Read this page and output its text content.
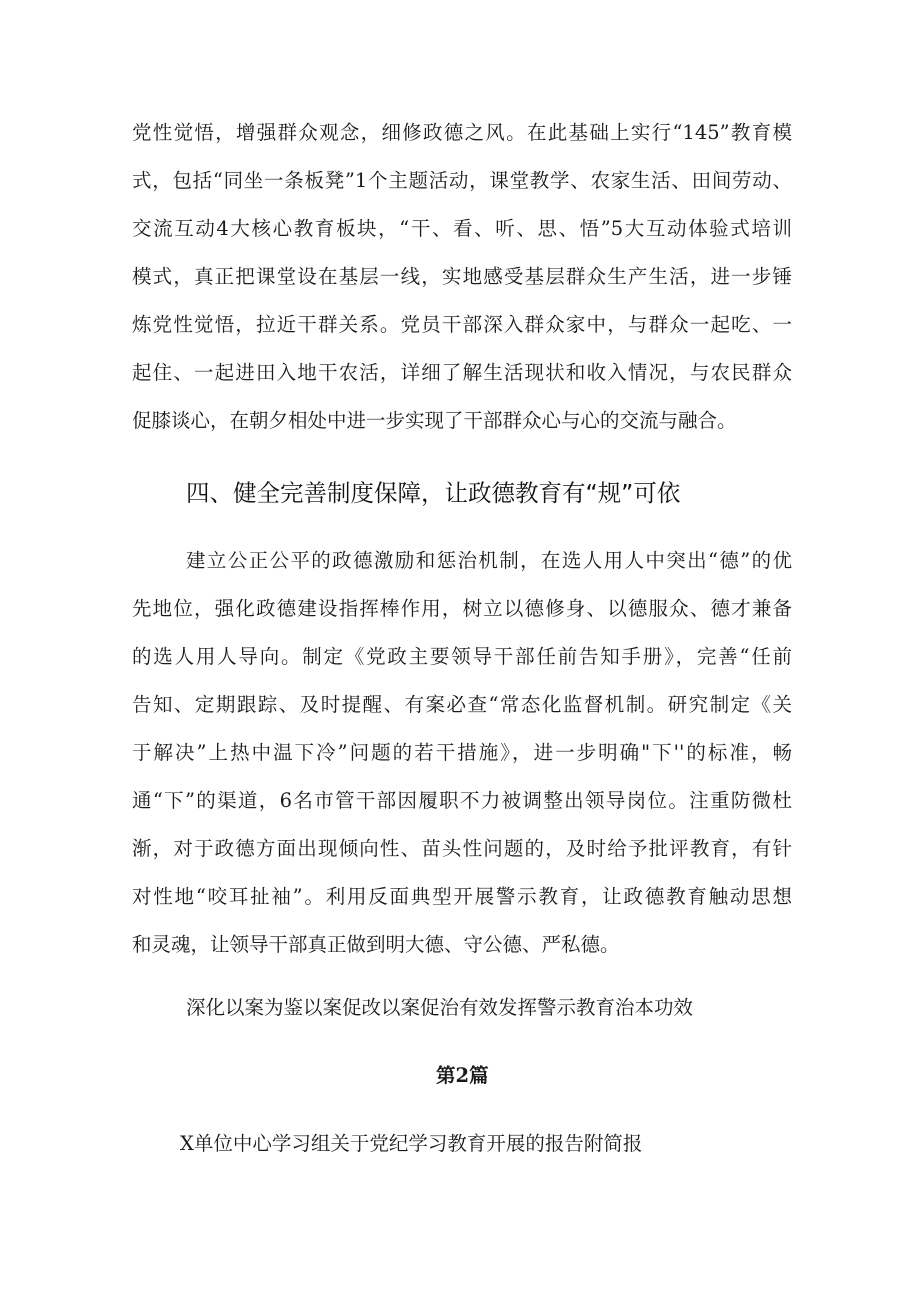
党性觉悟，增强群众观念，细修政德之风。在此基础上实行“145”教育模
式，包括“同坐一条板凳”1个主题活动，课堂教学、农家生活、田间劳动、
交流互动4大核心教育板块，“干、看、听、思、悟”5大互动体验式培训
模式，真正把课堂设在基层一线，实地感受基层群众生产生活，进一步锤
炼党性觉悟，拉近干群关系。党员干部深入群众家中，与群众一起吃、一
起住、一起进田入地干农活，详细了解生活现状和收入情况，与农民群众
促膝谈心，在朝夕相处中进一步实现了干部群众心与心的交流与融合。
四、健全完善制度保障，让政德教育有“规”可依
建立公正公平的政德激励和惩治机制，在选人用人中突出“德”的优
先地位，强化政德建设指挥棒作用，树立以德修身、以德服众、德才兼备
的选人用人导向。制定《党政主要领导干部任前告知手册》，完善“任前
告知、定期跟踪、及时提醒、有案必查“常态化监督机制。研究制定《关
于解决”上热中温下冷”问题的若干措施》，进一步明确"下''的标准，畅
通“下”的渠道，6名市管干部因履职不力被调整出领导岗位。注重防微杜
渐，对于政德方面出现倾向性、苗头性问题的，及时给予批评教育，有针
对性地“咬耳扯袖”。利用反面典型开展警示教育，让政德教育触动思想
和灵魂，让领导干部真正做到明大德、守公德、严私德。
深化以案为鉴以案促改以案促治有效发挥警示教育治本功效
第2篇
X单位中心学习组关于党纪学习教育开展的报告附简报
